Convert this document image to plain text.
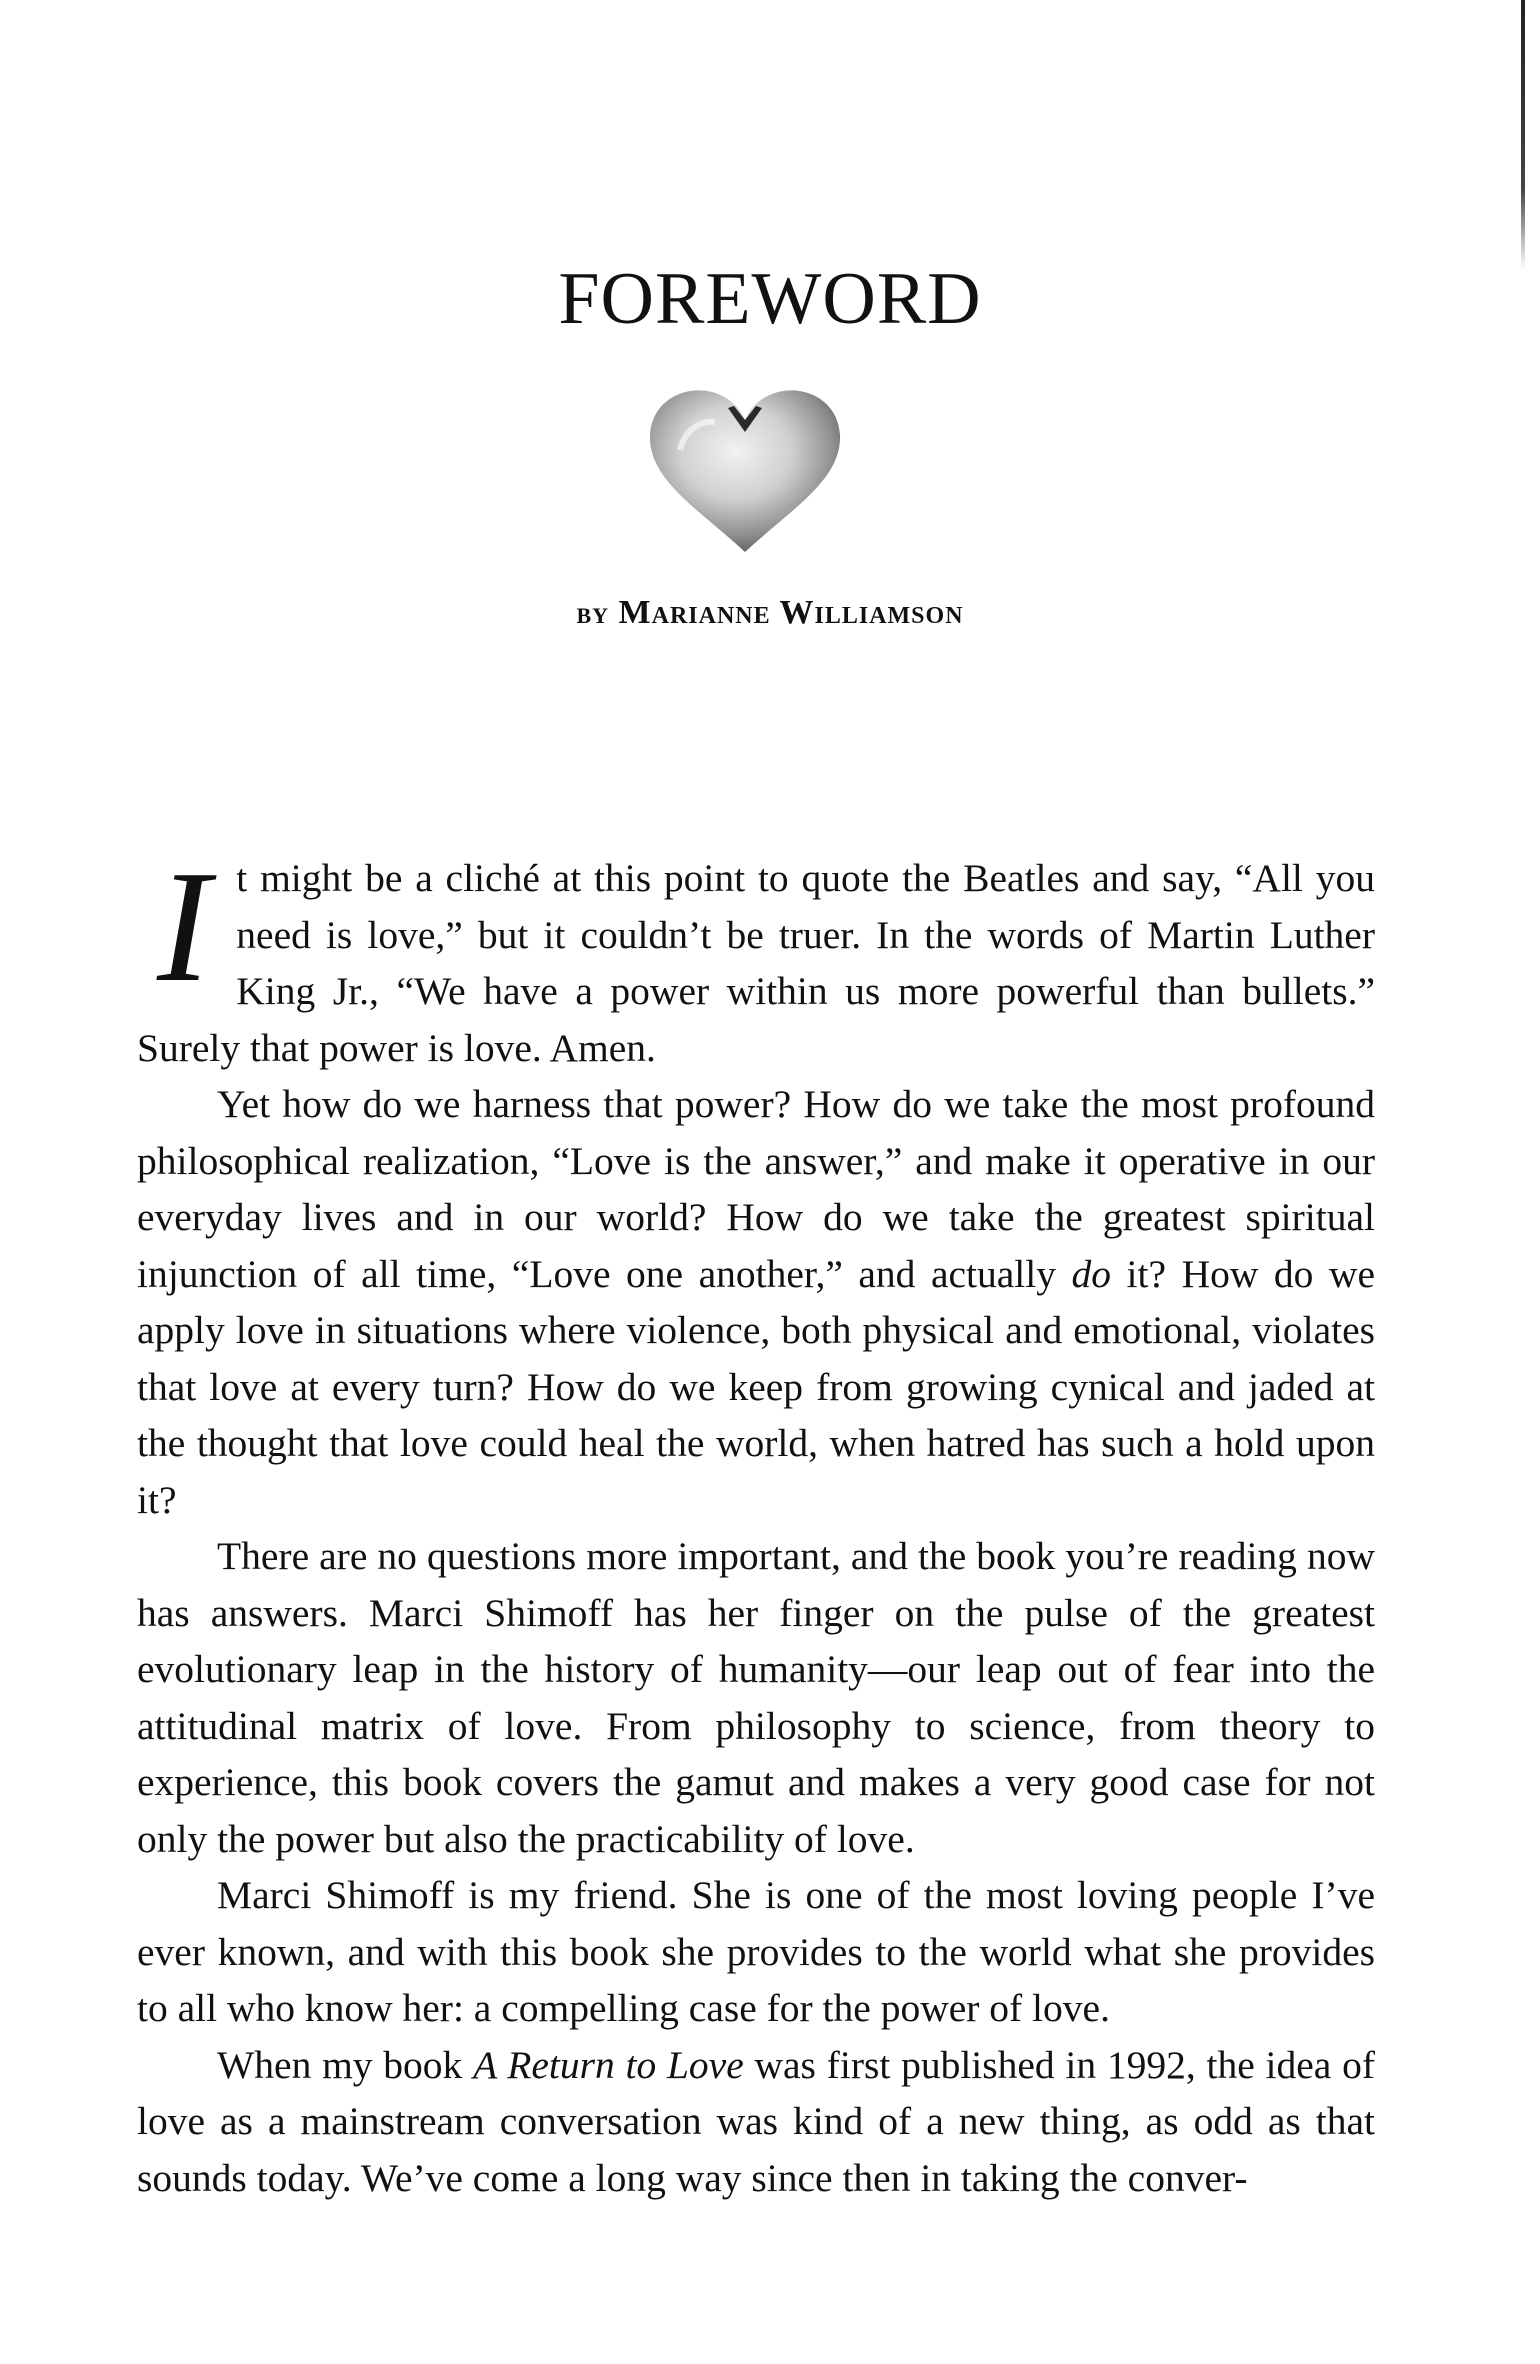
FOREWORD
BY Marianne Williamson

It might be a cliché at this point to quote the Beatles and say, “All you need is love,” but it couldn’t be truer. In the words of Martin Luther King Jr., “We have a power within us more powerful than bullets.” Surely that power is love. Amen.

Yet how do we harness that power? How do we take the most profound philosophical realization, “Love is the answer,” and make it operative in our everyday lives and in our world? How do we take the greatest spiritual injunction of all time, “Love one another,” and actually do it? How do we apply love in situations where violence, both physical and emotional, violates that love at every turn? How do we keep from growing cynical and jaded at the thought that love could heal the world, when hatred has such a hold upon it?

There are no questions more important, and the book you’re reading now has answers. Marci Shimoff has her finger on the pulse of the greatest evolutionary leap in the history of humanity—our leap out of fear into the attitudinal matrix of love. From philosophy to science, from theory to experience, this book covers the gamut and makes a very good case for not only the power but also the practicability of love.

Marci Shimoff is my friend. She is one of the most loving people I’ve ever known, and with this book she provides to the world what she provides to all who know her: a compelling case for the power of love.

When my book A Return to Love was first published in 1992, the idea of love as a mainstream conversation was kind of a new thing, as odd as that sounds today. We’ve come a long way since then in taking the conver-
